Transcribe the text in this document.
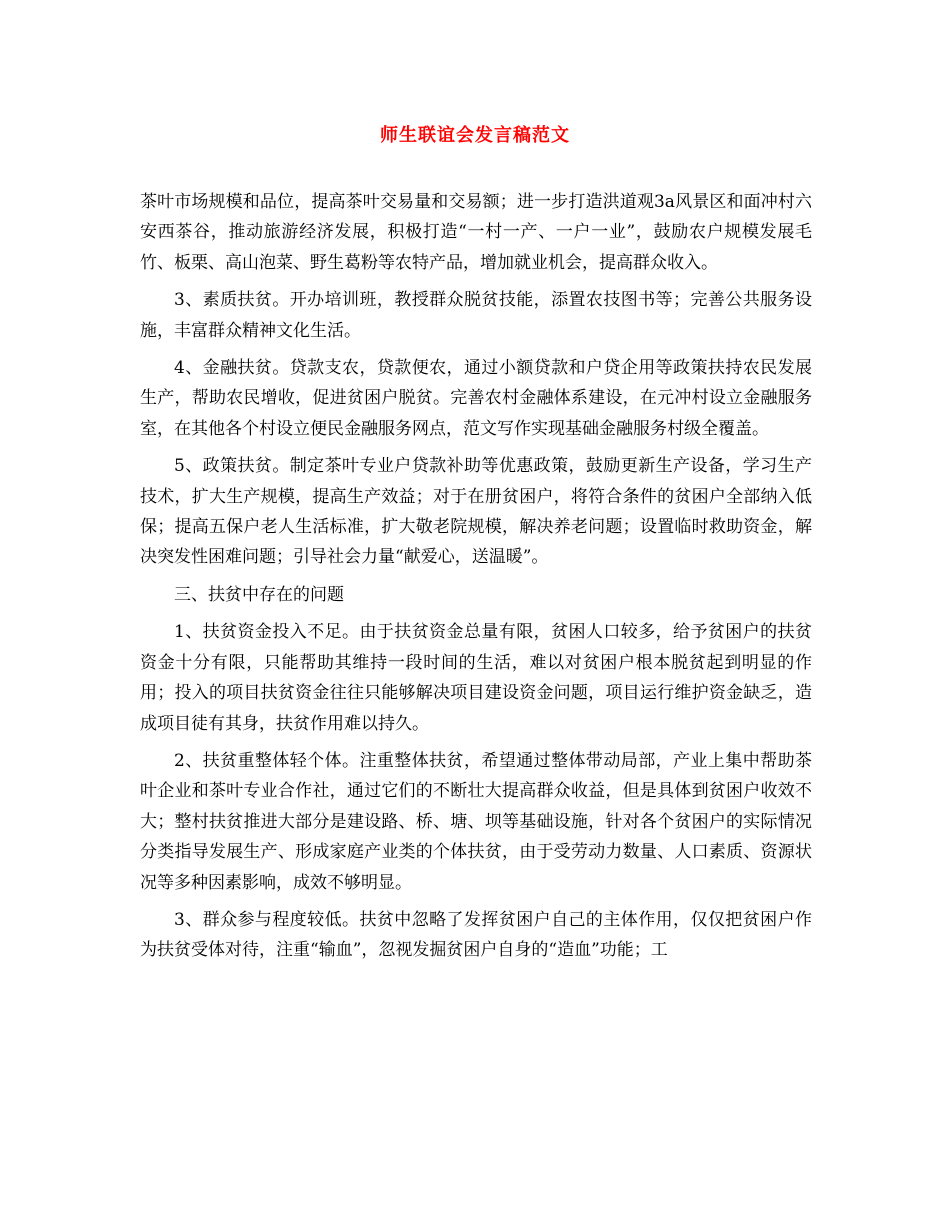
师生联谊会发言稿范文

茶叶市场规模和品位，提高茶叶交易量和交易额；进一步打造洪道观3a风景区和面冲村六安西茶谷，推动旅游经济发展，积极打造“一村一产、一户一业”，鼓励农户规模发展毛竹、板栗、高山泡菜、野生葛粉等农特产品，增加就业机会，提高群众收入。

3、素质扶贫。开办培训班，教授群众脱贫技能，添置农技图书等；完善公共服务设施，丰富群众精神文化生活。

4、金融扶贫。贷款支农，贷款便农，通过小额贷款和户贷企用等政策扶持农民发展生产，帮助农民增收，促进贫困户脱贫。完善农村金融体系建设，在元冲村设立金融服务室，在其他各个村设立便民金融服务网点，范文写作实现基础金融服务村级全覆盖。

5、政策扶贫。制定茶叶专业户贷款补助等优惠政策，鼓励更新生产设备，学习生产技术，扩大生产规模，提高生产效益；对于在册贫困户，将符合条件的贫困户全部纳入低保；提高五保户老人生活标准，扩大敬老院规模，解决养老问题；设置临时救助资金，解决突发性困难问题；引导社会力量“献爱心，送温暖”。

三、扶贫中存在的问题

1、扶贫资金投入不足。由于扶贫资金总量有限，贫困人口较多，给予贫困户的扶贫资金十分有限，只能帮助其维持一段时间的生活，难以对贫困户根本脱贫起到明显的作用；投入的项目扶贫资金往往只能够解决项目建设资金问题，项目运行维护资金缺乏，造成项目徒有其身，扶贫作用难以持久。

2、扶贫重整体轻个体。注重整体扶贫，希望通过整体带动局部，产业上集中帮助茶叶企业和茶叶专业合作社，通过它们的不断壮大提高群众收益，但是具体到贫困户收效不大；整村扶贫推进大部分是建设路、桥、塘、坝等基础设施，针对各个贫困户的实际情况分类指导发展生产、形成家庭产业类的个体扶贫，由于受劳动力数量、人口素质、资源状况等多种因素影响，成效不够明显。

3、群众参与程度较低。扶贫中忽略了发挥贫困户自己的主体作用，仅仅把贫困户作为扶贫受体对待，注重“输血”，忽视发掘贫困户自身的“造血”功能；工
